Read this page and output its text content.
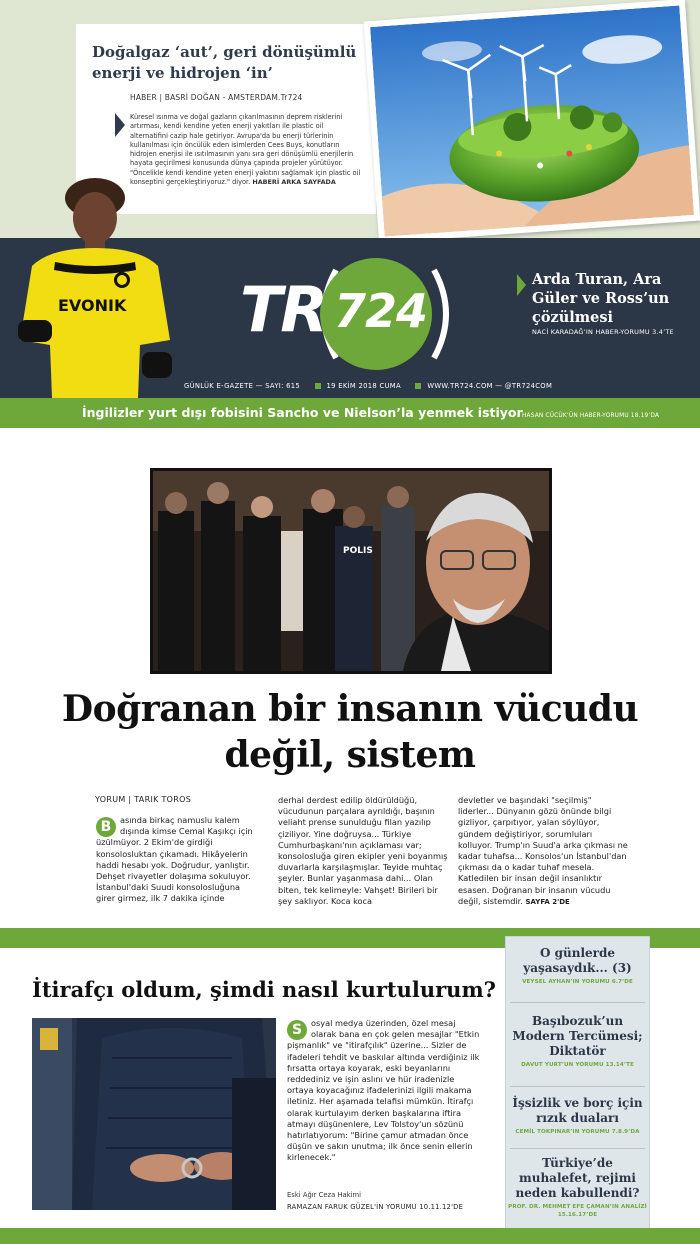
Doğalgaz ‘aut’, geri dönüşümlü enerji ve hidrojen ‘in’
HABER | BASRİ DOĞAN - AMSTERDAM.Tr724
Küresel ısınma ve doğal gazların çıkarılmasının deprem risklerini artırması, kendi kendine yeten enerji yakıtları ile plastic oil alternatifini cazip hale getiriyor. Avrupa'da bu enerji türlerinin kullanılması için öncülük eden isimlerden Cees Buys, konutların hidrojen enerjisi ile ısıtılmasının yanı sıra geri dönüşümlü enerjilerin hayata geçirilmesi konusunda dünya çapında projeler yürütüyor. "Öncelikle kendi kendine yeten enerji yakıtını sağlamak için plastic oil konseptini gerçekleştiriyoruz." diyor. HABERİ ARKA SAYFADA
EVONIK TR 724
Arda Turan, Ara Güler ve Ross’un çözülmesi
NACİ KARADAĞ’IN HABER-YORUMU 3.4’TE
GÜNLÜK E-GAZETE — SAYI: 615	19 EKİM 2018 CUMA	WWW.TR724.COM — @TR724COM
İngilizler yurt dışı fobisini Sancho ve Nielson’la yenmek istiyor HASAN CÜCÜK’ÜN HABER-YORUMU 18.19’DA
POLIS
Doğranan bir insanın vücudu değil, sistem
YORUM | TARIK TOROS
B	asında birkaç namuslu kalem dışında kimse Cemal Kaşıkçı için üzülmüyor. 2 Ekim'de girdiği konsolosluktan çıkamadı. Hikâyelerin haddi hesabı yok. Doğrudur, yanlıştır. Dehşet rivayetler dolaşıma sokuluyor. İstanbul'daki Suudi konsolosluğuna girer girmez, ilk 7 dakika içinde
derhal derdest edilip öldürüldüğü, vücudunun parçalara ayrıldığı, başının veliaht prense sunulduğu filan yazılıp çiziliyor. Yine doğruysa... Türkiye Cumhurbaşkanı'nın açıklaması var; konsolosluğa giren ekipler yeni boyanmış duvarlarla karşılaşmışlar. Teyide muhtaç şeyler. Bunlar yaşanmasa dahi... Olan biten, tek kelimeyle: Vahşet! Birileri bir şey saklıyor. Koca koca
devletler ve başındaki "seçilmiş" liderler... Dünyanın gözü önünde bilgi gizliyor, çarpıtıyor, yalan söylüyor, gündem değiştiriyor, sorumluları kolluyor. Trump'ın Suud'a arka çıkması ne kadar tuhafsa... Konsolos'un İstanbul'dan çıkması da o kadar tuhaf mesela. Katledilen bir insan değil insanlıktır esasen. Doğranan bir insanın vücudu değil, sistemdir. SAYFA 2'DE
İtirafçı oldum, şimdi nasıl kurtulurum?
S	osyal medya üzerinden, özel mesaj olarak bana en çok gelen mesajlar "Etkin pişmanlık" ve "itirafçılık" üzerine... Sizler de ifadeleri tehdit ve baskılar altında verdiğiniz ilk fırsatta ortaya koyarak, eski beyanlarını reddediniz ve işin aslını ve hür iradenizle ortaya koyacağınız ifadelerinizi ilgili makama iletiniz. Her aşamada telafisi mümkün. İtirafçı olarak kurtulayım derken başkalarına iftira atmayı düşünenlere, Lev Tolstoy'un sözünü hatırlatıyorum: "Birine çamur atmadan önce düşün ve sakın unutma; ilk önce senin ellerin kirlenecek."
Eski Ağır Ceza Hakimi
RAMAZAN FARUK GÜZEL'İN YORUMU 10.11.12'DE
O günlerde yaşasaydık... (3)
VEYSEL AYHAN’IN YORUMU 6.7’DE
Başıbozuk’un Modern Tercümesi; Diktatör
DAVUT YURT’UN YORUMU 13.14’TE
İşsizlik ve borç için rızık duaları
CEMİL TOKPINAR’IN YORUMU 7.8.9’DA
Türkiye’de muhalefet, rejimi neden kabullendi?
PROF. DR. MEHMET EFE ÇAMAN’IN ANALİZİ 15.16.17’DE
